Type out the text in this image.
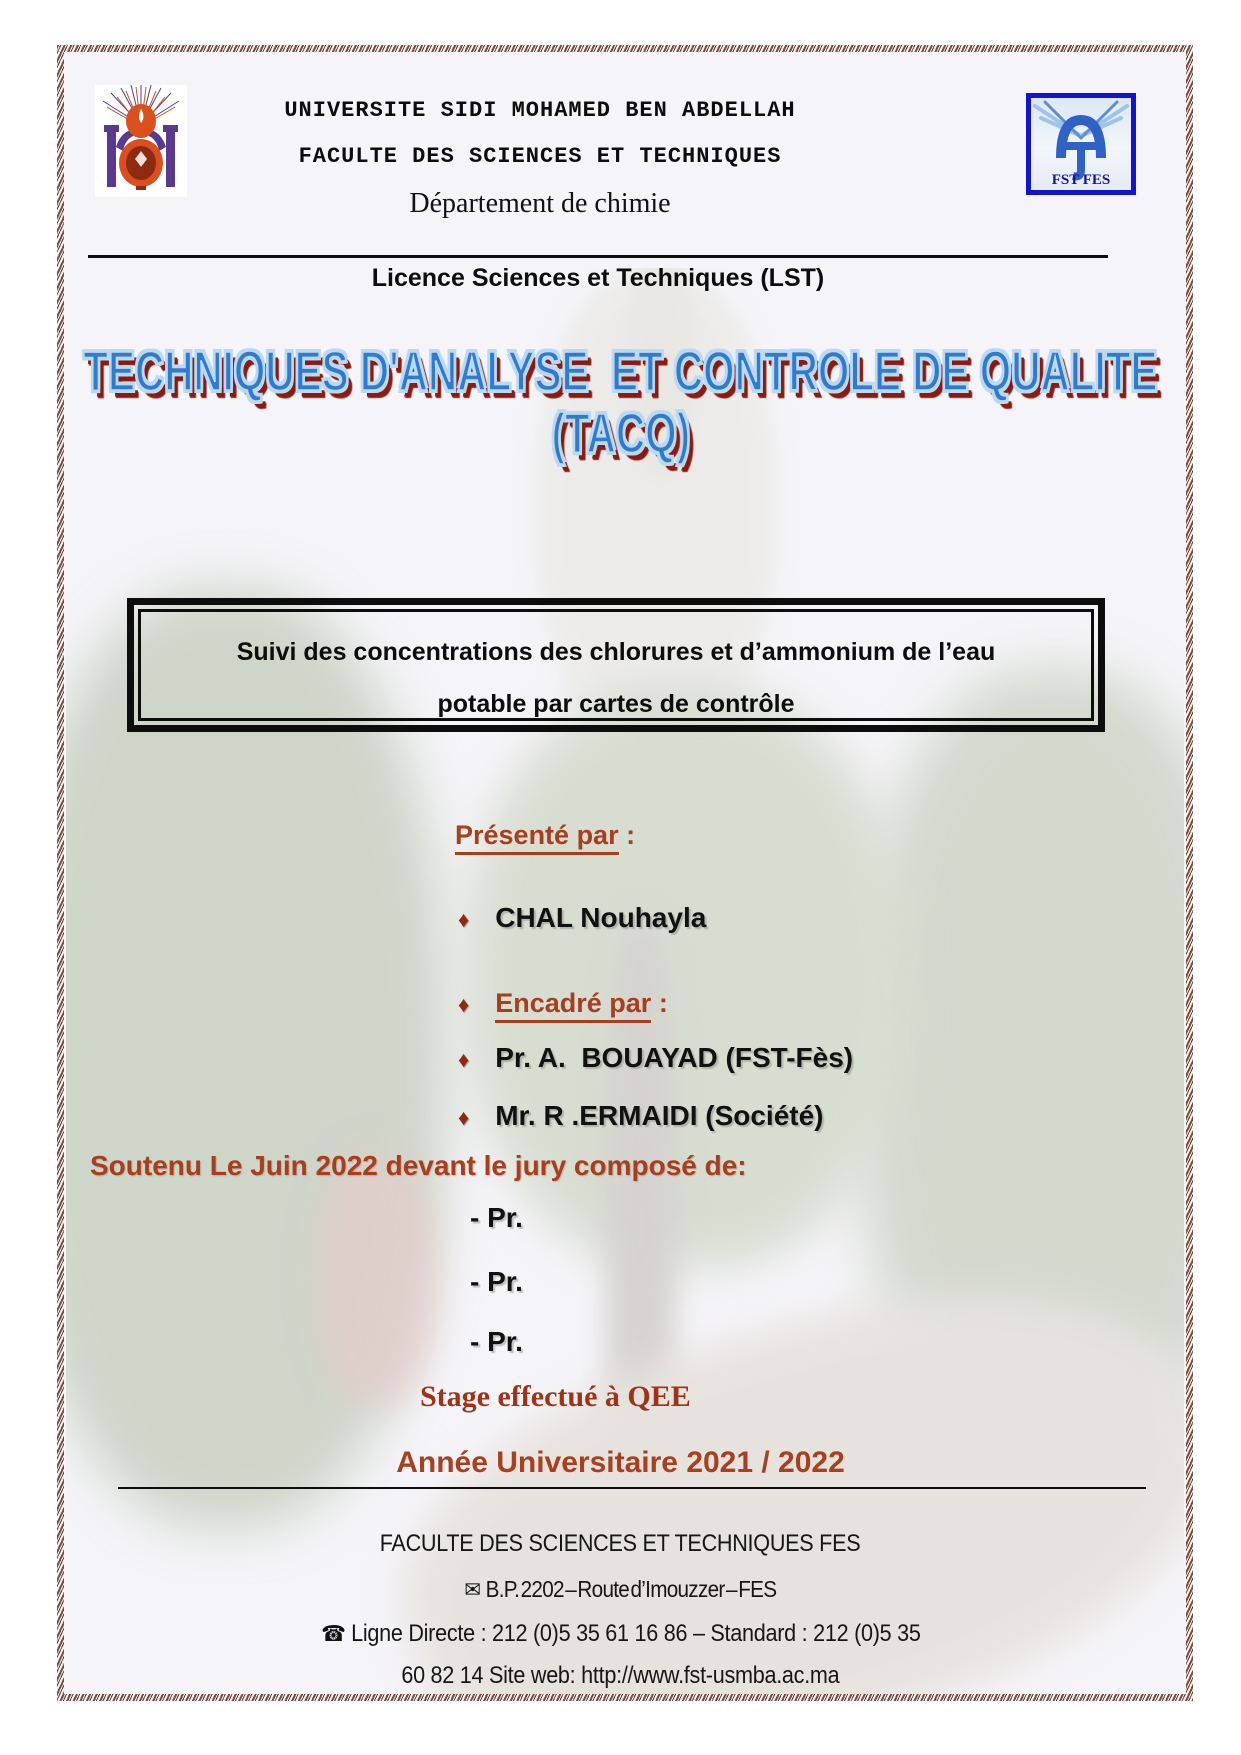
FST FES
UNIVERSITE SIDI MOHAMED BEN ABDELLAH
FACULTE DES SCIENCES ET TECHNIQUES
Département de chimie
Licence Sciences et Techniques (LST)
TECHNIQUES D'ANALYSE  ET CONTROLE DE QUALITE
(TACQ)
Suivi des concentrations des chlorures et d’ammonium de l’eau
potable par cartes de contrôle
Présenté par :
♦ CHAL Nouhayla
♦ Encadré par :
♦ Pr. A.  BOUAYAD (FST-Fès)
♦ Mr. R .ERMAIDI (Société)
Soutenu Le Juin 2022 devant le jury composé de:
- Pr.
- Pr.
- Pr.
Stage effectué à QEE
Année Universitaire 2021 / 2022
FACULTE DES SCIENCES ET TECHNIQUES FES
✉ B.P. 2202 – Route d’Imouzzer – FES
☎ Ligne Directe : 212 (0)5 35 61 16 86 – Standard : 212 (0)5 35
60 82 14 Site web: http://www.fst-usmba.ac.ma
